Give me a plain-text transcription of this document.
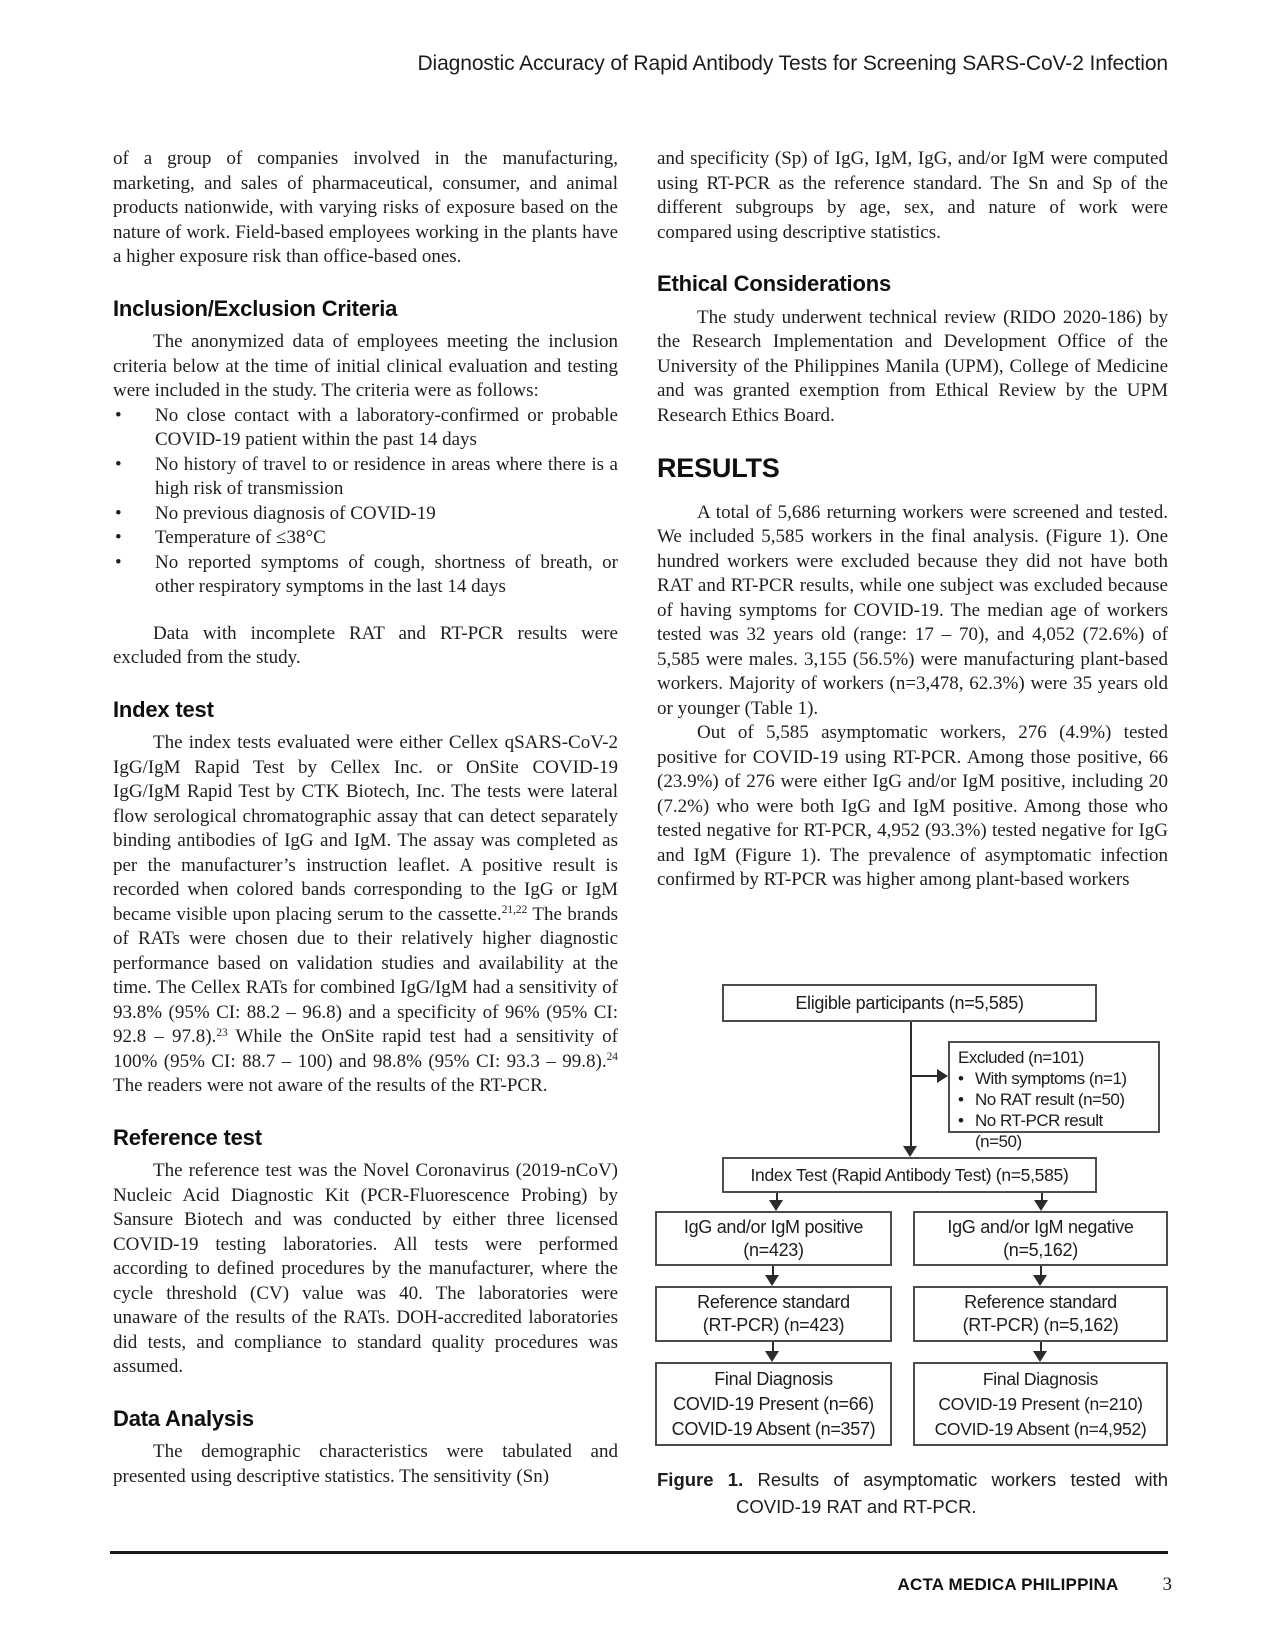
Diagnostic Accuracy of Rapid Antibody Tests for Screening SARS-CoV-2 Infection

of a group of companies involved in the manufacturing, marketing, and sales of pharmaceutical, consumer, and animal products nationwide, with varying risks of exposure based on the nature of work. Field-based employees working in the plants have a higher exposure risk than office-based ones.

Inclusion/Exclusion Criteria

The anonymized data of employees meeting the inclusion criteria below at the time of initial clinical evaluation and testing were included in the study. The criteria were as follows:

• No close contact with a laboratory-confirmed or probable COVID-19 patient within the past 14 days
• No history of travel to or residence in areas where there is a high risk of transmission
• No previous diagnosis of COVID-19
• Temperature of ≤38°C
• No reported symptoms of cough, shortness of breath, or other respiratory symptoms in the last 14 days

Data with incomplete RAT and RT-PCR results were excluded from the study.

Index test

The index tests evaluated were either Cellex qSARS-CoV-2 IgG/IgM Rapid Test by Cellex Inc. or OnSite COVID-19 IgG/IgM Rapid Test by CTK Biotech, Inc. The tests were lateral flow serological chromatographic assay that can detect separately binding antibodies of IgG and IgM. The assay was completed as per the manufacturer’s instruction leaflet. A positive result is recorded when colored bands corresponding to the IgG or IgM became visible upon placing serum to the cassette.$^{21,22}$ The brands of RATs were chosen due to their relatively higher diagnostic performance based on validation studies and availability at the time. The Cellex RATs for combined IgG/IgM had a sensitivity of 93.8% (95% CI: 88.2 – 96.8) and a specificity of 96% (95% CI: 92.8 – 97.8).$^{23}$ While the OnSite rapid test had a sensitivity of 100% (95% CI: 88.7 – 100) and 98.8% (95% CI: 93.3 – 99.8).$^{24}$ The readers were not aware of the results of the RT-PCR.

Reference test

The reference test was the Novel Coronavirus (2019-nCoV) Nucleic Acid Diagnostic Kit (PCR-Fluorescence Probing) by Sansure Biotech and was conducted by either three licensed COVID-19 testing laboratories. All tests were performed according to defined procedures by the manufacturer, where the cycle threshold (CV) value was 40. The laboratories were unaware of the results of the RATs. DOH-accredited laboratories did tests, and compliance to standard quality procedures was assumed.

Data Analysis

The demographic characteristics were tabulated and presented using descriptive statistics. The sensitivity (Sn)

and specificity (Sp) of IgG, IgM, IgG, and/or IgM were computed using RT-PCR as the reference standard. The Sn and Sp of the different subgroups by age, sex, and nature of work were compared using descriptive statistics.

Ethical Considerations

The study underwent technical review (RIDO 2020-186) by the Research Implementation and Development Office of the University of the Philippines Manila (UPM), College of Medicine and was granted exemption from Ethical Review by the UPM Research Ethics Board.

RESULTS

A total of 5,686 returning workers were screened and tested. We included 5,585 workers in the final analysis. (Figure 1). One hundred workers were excluded because they did not have both RAT and RT-PCR results, while one subject was excluded because of having symptoms for COVID-19. The median age of workers tested was 32 years old (range: 17 – 70), and 4,052 (72.6%) of 5,585 were males. 3,155 (56.5%) were manufacturing plant-based workers. Majority of workers (n=3,478, 62.3%) were 35 years old or younger (Table 1).

Out of 5,585 asymptomatic workers, 276 (4.9%) tested positive for COVID-19 using RT-PCR. Among those positive, 66 (23.9%) of 276 were either IgG and/or IgM positive, including 20 (7.2%) who were both IgG and IgM positive. Among those who tested negative for RT-PCR, 4,952 (93.3%) tested negative for IgG and IgM (Figure 1). The prevalence of asymptomatic infection confirmed by RT-PCR was higher among plant-based workers

Eligible participants (n=5,585)
Excluded (n=101)
• With symptoms (n=1)
• No RAT result (n=50)
• No RT-PCR result (n=50)
Index Test (Rapid Antibody Test) (n=5,585)
IgG and/or IgM positive
(n=423)
IgG and/or IgM negative
(n=5,162)
Reference standard
(RT-PCR) (n=423)
Reference standard
(RT-PCR) (n=5,162)
Final Diagnosis
COVID-19 Present (n=66)
COVID-19 Absent (n=357)
Final Diagnosis
COVID-19 Present (n=210)
COVID-19 Absent (n=4,952)
Figure 1. Results of asymptomatic workers tested with
COVID-19 RAT and RT-PCR.
ACTA MEDICA PHILIPPINA 3
